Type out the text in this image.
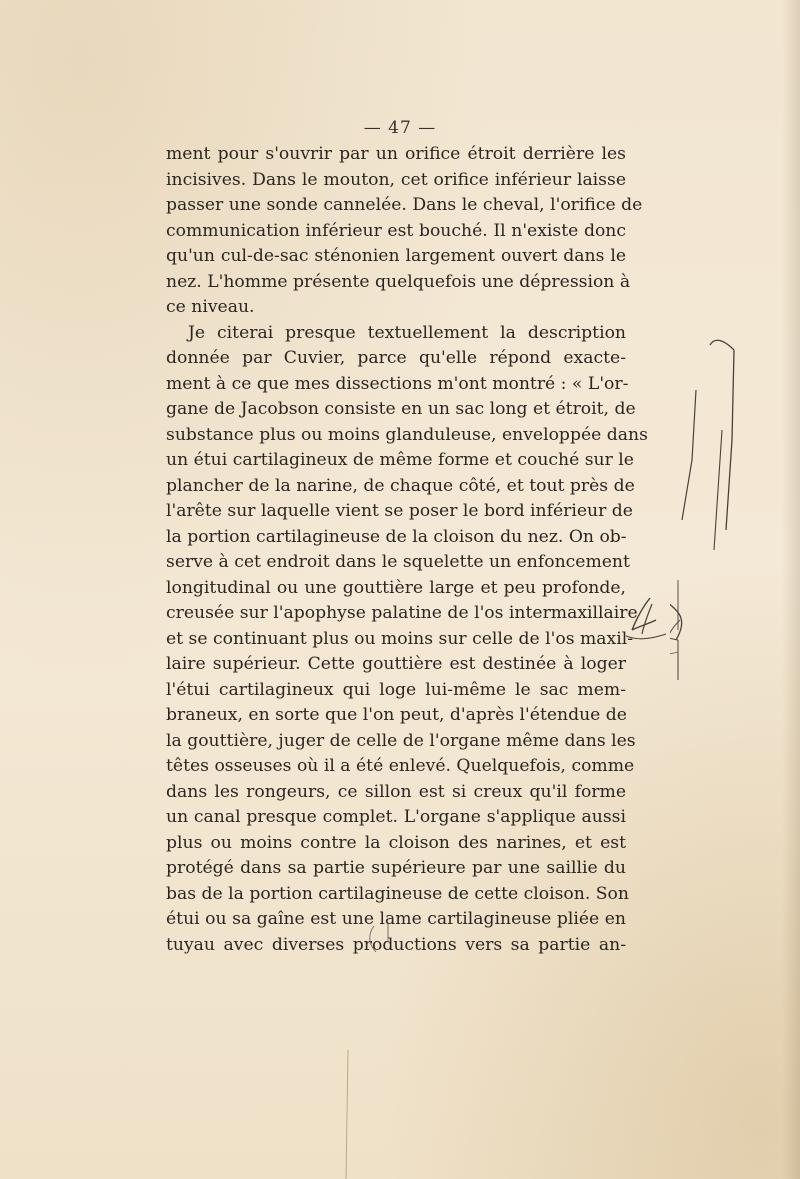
— 47 —
ment pour s'ouvrir par un orifice étroit derrière les
incisives. Dans le mouton, cet orifice inférieur laisse
passer une sonde cannelée. Dans le cheval, l'orifice de
communication inférieur est bouché. Il n'existe donc
qu'un cul-de-sac sténonien largement ouvert dans le
nez. L'homme présente quelquefois une dépression à
ce niveau.
Je citerai presque textuellement la description
donnée par Cuvier, parce qu'elle répond exacte-
ment à ce que mes dissections m'ont montré : « L'or-
gane de Jacobson consiste en un sac long et étroit, de
substance plus ou moins glanduleuse, enveloppée dans
un étui cartilagineux de même forme et couché sur le
plancher de la narine, de chaque côté, et tout près de
l'arête sur laquelle vient se poser le bord inférieur de
la portion cartilagineuse de la cloison du nez. On ob-
serve à cet endroit dans le squelette un enfoncement
longitudinal ou une gouttière large et peu profonde,
creusée sur l'apophyse palatine de l'os intermaxillaire
et se continuant plus ou moins sur celle de l'os maxil-
laire supérieur. Cette gouttière est destinée à loger
l'étui cartilagineux qui loge lui-même le sac mem-
braneux, en sorte que l'on peut, d'après l'étendue de
la gouttière, juger de celle de l'organe même dans les
têtes osseuses où il a été enlevé. Quelquefois, comme
dans les rongeurs, ce sillon est si creux qu'il forme
un canal presque complet. L'organe s'applique aussi
plus ou moins contre la cloison des narines, et est
protégé dans sa partie supérieure par une saillie du
bas de la portion cartilagineuse de cette cloison. Son
étui ou sa gaîne est une lame cartilagineuse pliée en
tuyau avec diverses productions vers sa partie an-
